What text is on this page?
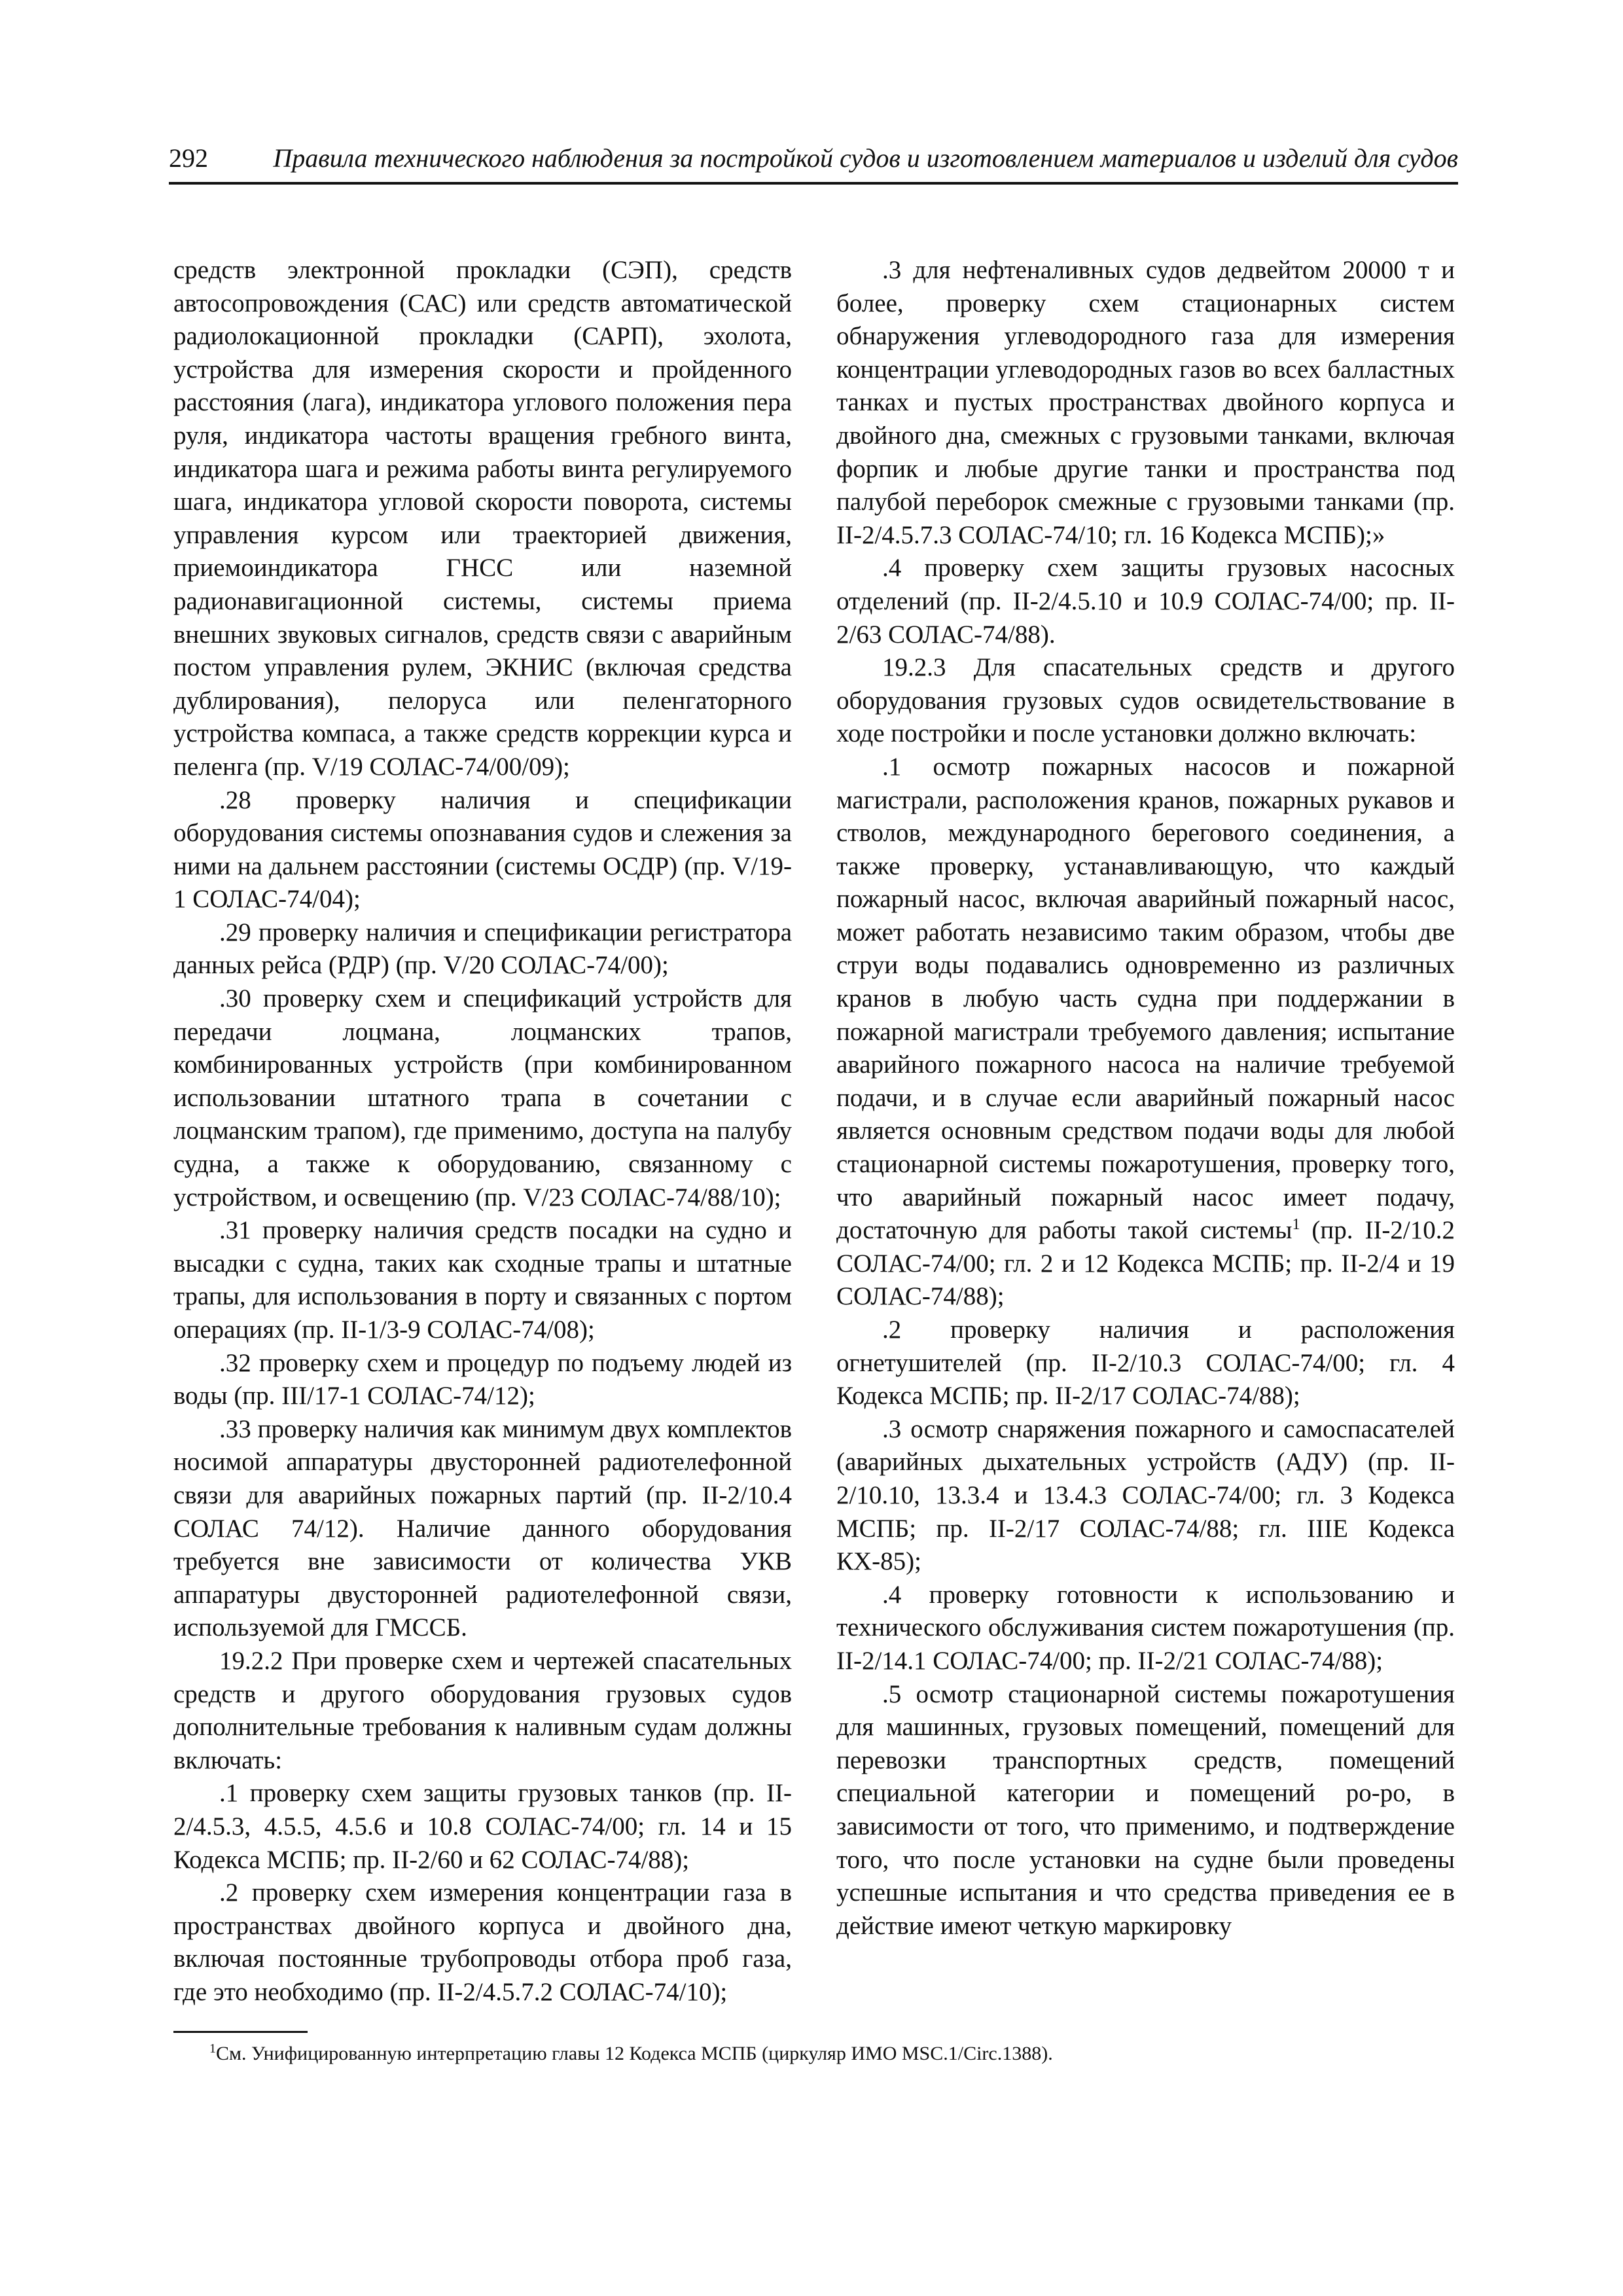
292 Правила технического наблюдения за постройкой судов и изготовлением материалов и изделий для судов

средств электронной прокладки (СЭП), средств автосопровождения (САС) или средств автоматической радиолокационной прокладки (САРП), эхолота, устройства для измерения скорости и пройденного расстояния (лага), индикатора углового положения пера руля, индикатора частоты вращения гребного винта, индикатора шага и режима работы винта регулируемого шага, индикатора угловой скорости поворота, системы управления курсом или траекторией движения, приемоиндикатора ГНСС или наземной радионавигационной системы, системы приема внешних звуковых сигналов, средств связи с аварийным постом управления рулем, ЭКНИС (включая средства дублирования), пелоруса или пеленгаторного устройства компаса, а также средств коррекции курса и пеленга (пр. V/19 СОЛАС-74/00/09);

.28 проверку наличия и спецификации оборудования системы опознавания судов и слежения за ними на дальнем расстоянии (системы ОСДР) (пр. V/19-1 СОЛАС-74/04);

.29 проверку наличия и спецификации регистратора данных рейса (РДР) (пр. V/20 СОЛАС-74/00);

.30 проверку схем и спецификаций устройств для передачи лоцмана, лоцманских трапов, комбинированных устройств (при комбинированном использовании штатного трапа в сочетании с лоцманским трапом), где применимо, доступа на палубу судна, а также к оборудованию, связанному с устройством, и освещению (пр. V/23 СОЛАС-74/88/10);

.31 проверку наличия средств посадки на судно и высадки с судна, таких как сходные трапы и штатные трапы, для использования в порту и связанных с портом операциях (пр. II-1/3-9 СОЛАС-74/08);

.32 проверку схем и процедур по подъему людей из воды (пр. III/17-1 СОЛАС-74/12);

.33 проверку наличия как минимум двух комплектов носимой аппаратуры двусторонней радиотелефонной связи для аварийных пожарных партий (пр. II-2/10.4 СОЛАС 74/12). Наличие данного оборудования требуется вне зависимости от количества УКВ аппаратуры двусторонней радиотелефонной связи, используемой для ГМССБ.

19.2.2 При проверке схем и чертежей спасательных средств и другого оборудования грузовых судов дополнительные требования к наливным судам должны включать:

.1 проверку схем защиты грузовых танков (пр. II-2/4.5.3, 4.5.5, 4.5.6 и 10.8 СОЛАС-74/00; гл. 14 и 15 Кодекса МСПБ; пр. II-2/60 и 62 СОЛАС-74/88);

.2 проверку схем измерения концентрации газа в пространствах двойного корпуса и двойного дна, включая постоянные трубопроводы отбора проб газа, где это необходимо (пр. II-2/4.5.7.2 СОЛАС-74/10);

.3 для нефтеналивных судов дедвейтом 20000 т и более, проверку схем стационарных систем обнаружения углеводородного газа для измерения концентрации углеводородных газов во всех балластных танках и пустых пространствах двойного корпуса и двойного дна, смежных с грузовыми танками, включая форпик и любые другие танки и пространства под палубой переборок смежные с грузовыми танками (пр. II-2/4.5.7.3 СОЛАС-74/10; гл. 16 Кодекса МСПБ);»

.4 проверку схем защиты грузовых насосных отделений (пр. II-2/4.5.10 и 10.9 СОЛАС-74/00; пр. II-2/63 СОЛАС-74/88).

19.2.3 Для спасательных средств и другого оборудования грузовых судов освидетельствование в ходе постройки и после установки должно включать:

.1 осмотр пожарных насосов и пожарной магистрали, расположения кранов, пожарных рукавов и стволов, международного берегового соединения, а также проверку, устанавливающую, что каждый пожарный насос, включая аварийный пожарный насос, может работать независимо таким образом, чтобы две струи воды подавались одновременно из различных кранов в любую часть судна при поддержании в пожарной магистрали требуемого давления; испытание аварийного пожарного насоса на наличие требуемой подачи, и в случае если аварийный пожарный насос является основным средством подачи воды для любой стационарной системы пожаротушения, проверку того, что аварийный пожарный насос имеет подачу, достаточную для работы такой системы$^1$ (пр. II-2/10.2 СОЛАС-74/00; гл. 2 и 12 Кодекса МСПБ; пр. II-2/4 и 19 СОЛАС-74/88);

.2 проверку наличия и расположения огнетушителей (пр. II-2/10.3 СОЛАС-74/00; гл. 4 Кодекса МСПБ; пр. II-2/17 СОЛАС-74/88);

.3 осмотр снаряжения пожарного и самоспасателей (аварийных дыхательных устройств (АДУ) (пр. II-2/10.10, 13.3.4 и 13.4.3 СОЛАС-74/00; гл. 3 Кодекса МСПБ; пр. II-2/17 СОЛАС-74/88; гл. IIIЕ Кодекса КХ-85);

.4 проверку готовности к использованию и технического обслуживания систем пожаротушения (пр. II-2/14.1 СОЛАС-74/00; пр. II-2/21 СОЛАС-74/88);

.5 осмотр стационарной системы пожаротушения для машинных, грузовых помещений, помещений для перевозки транспортных средств, помещений специальной категории и помещений ро-ро, в зависимости от того, что применимо, и подтверждение того, что после установки на судне были проведены успешные испытания и что средства приведения ее в действие имеют четкую маркировку

$^1$См. Унифицированную интерпретацию главы 12 Кодекса МСПБ (циркуляр ИМО MSC.1/Circ.1388).
